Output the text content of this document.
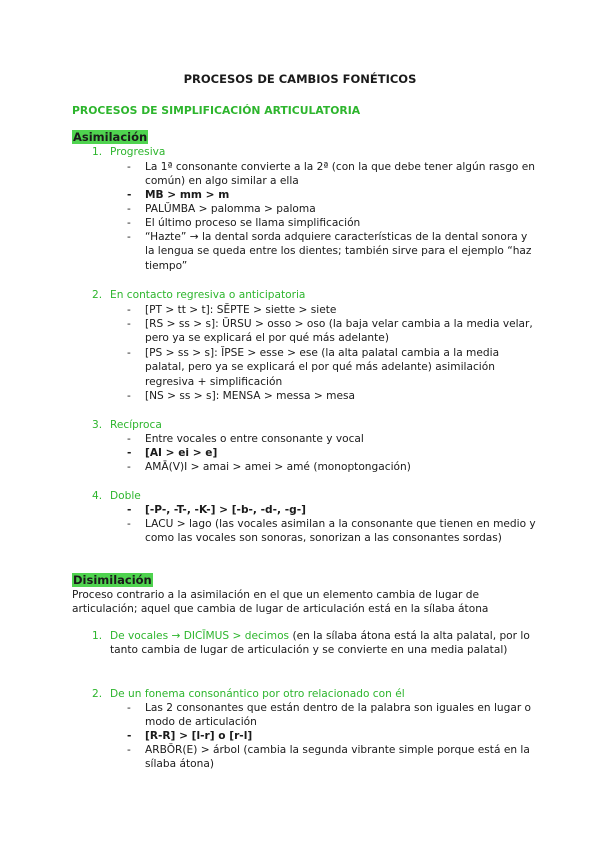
PROCESOS DE CAMBIOS FONÉTICOS
PROCESOS DE SIMPLIFICACIÓN ARTICULATORIA
Asimilación
1. Progresiva
- La 1ª consonante convierte a la 2ª (con la que debe tener algún rasgo en común) en algo similar a ella
- MB > mm > m
- PALŬMBA > palomma > paloma
- El último proceso se llama simplificación
- “Hazte” → la dental sorda adquiere características de la dental sonora y la lengua se queda entre los dientes; también sirve para el ejemplo “haz tiempo”
2. En contacto regresiva o anticipatoria
- [PT > tt > t]: SĔPTE > siette > siete
- [RS > ss > s]: ŬRSU > osso > oso (la baja velar cambia a la media velar, pero ya se explicará el por qué más adelante)
- [PS > ss > s]: ĬPSE > esse > ese (la alta palatal cambia a la media palatal, pero ya se explicará el por qué más adelante) asimilación regresiva + simplificación
- [NS > ss > s]: MENSA > messa > mesa
3. Recíproca
- Entre vocales o entre consonante y vocal
- [AI > ei > e]
- AMĀ(V)I > amai > amei > amé (monoptongación)
4. Doble
- [-P-, -T-, -K-] > [-b-, -d-, -g-]
- LACU > lago (las vocales asimilan a la consonante que tienen en medio y como las vocales son sonoras, sonorizan a las consonantes sordas)
Disimilación
Proceso contrario a la asimilación en el que un elemento cambia de lugar de articulación; aquel que cambia de lugar de articulación está en la sílaba átona
1. De vocales → DICĪMUS > decimos (en la sílaba átona está la alta palatal, por lo tanto cambia de lugar de articulación y se convierte en una media palatal)
2. De un fonema consonántico por otro relacionado con él
- Las 2 consonantes que están dentro de la palabra son iguales en lugar o modo de articulación
- [R-R] > [l-r] o [r-l]
- ARBŎR(E) > árbol (cambia la segunda vibrante simple porque está en la sílaba átona)
